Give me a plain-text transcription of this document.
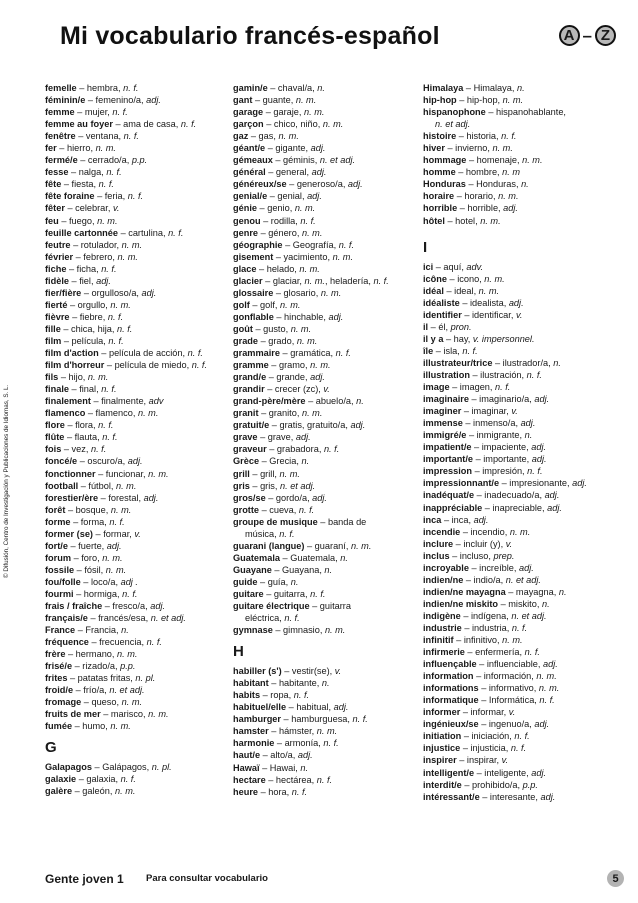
Mi vocabulario francés-español	A – Z
© Difusión, Centro de Investigación y Publicaciones de Idiomas, S. L.
femelle – hembra, n. f.
féminin/e – femenino/a, adj.
femme – mujer, n. f.
femme au foyer – ama de casa, n. f.
fenêtre – ventana, n. f.
fer – hierro, n. m.
fermé/e – cerrado/a, p.p.
fesse – nalga, n. f.
fête – fiesta, n. f.
fête foraine – feria, n. f.
fêter – celebrar, v.
feu – fuego, n. m.
feuille cartonnée – cartulina, n. f.
feutre – rotulador, n. m.
février – febrero, n. m.
fiche – ficha, n. f.
fidèle – fiel, adj.
fier/fière – orgulloso/a, adj.
fierté – orgullo, n. m.
fièvre – fiebre, n. f.
fille – chica, hija, n. f.
film – película, n. f.
film d'action – película de acción, n. f.
film d'horreur – película de miedo, n. f.
fils – hijo, n. m.
finale – final, n. f.
finalement – finalmente, adv
flamenco – flamenco, n. m.
flore – flora, n. f.
flûte – flauta, n. f.
fois – vez, n. f.
foncé/e – oscuro/a, adj.
fonctionner – funcionar, n. m.
football – fútbol, n. m.
forestier/ère – forestal, adj.
forêt – bosque, n. m.
forme – forma, n. f.
former (se) – formar, v.
fort/e – fuerte, adj.
forum – foro, n. m.
fossile – fósil, n. m.
fou/folle – loco/a, adj .
fourmi – hormiga, n. f.
frais / fraîche – fresco/a, adj.
français/e – francés/esa, n. et adj.
France – Francia, n.
fréquence – frecuencia, n. f.
frère – hermano, n. m.
frisé/e – rizado/a, p.p.
frites – patatas fritas, n. pl.
froid/e – frío/a, n. et adj.
fromage – queso, n. m.
fruits de mer – marisco, n. m.
fumée – humo, n. m.
G
Galapagos – Galápagos, n. pl.
galaxie – galaxia, n. f.
galère – galeón, n. m.
gamin/e – chaval/a, n.
gant – guante, n. m.
garage – garaje, n. m.
garçon – chico, niño, n. m.
gaz – gas, n. m.
géant/e – gigante, adj.
gémeaux – géminis, n. et adj.
général – general, adj.
généreux/se – generoso/a, adj.
genial/e – genial, adj.
génie – genio, n. m.
genou – rodilla, n. f.
genre – género, n. m.
géographie – Geografía, n. f.
gisement – yacimiento, n. m.
glace – helado, n. m.
glacier – glaciar, n. m., heladería, n. f.
glossaire – glosario, n. m.
golf – golf, n. m.
gonflable – hinchable, adj.
goût – gusto, n. m.
grade – grado, n. m.
grammaire – gramática, n. f.
gramme – gramo, n. m.
grand/e – grande, adj.
grandir – crecer (zc), v.
grand-père/mère – abuelo/a, n.
granit – granito, n. m.
gratuit/e – gratis, gratuito/a, adj.
grave – grave, adj.
graveur – grabadora, n. f.
Grèce – Grecia, n.
grill – grill, n. m.
gris – gris, n. et adj.
gros/se – gordo/a, adj.
grotte – cueva, n. f.
groupe de musique – banda de
música, n. f.
guarani (langue) – guaraní, n. m.
Guatemala – Guatemala, n.
Guayane – Guayana, n.
guide – guía, n.
guitare – guitarra, n. f.
guitare électrique – guitarra
eléctrica, n. f.
gymnase – gimnasio, n. m.
H
habiller (s') – vestir(se), v.
habitant – habitante, n.
habits – ropa, n. f.
habituel/elle – habitual, adj.
hamburger – hamburguesa, n. f.
hamster – hámster, n. m.
harmonie – armonía, n. f.
haut/e – alto/a, adj.
Hawaï – Hawai, n.
hectare – hectárea, n. f.
heure – hora, n. f.
Himalaya – Himalaya, n.
hip-hop – hip-hop, n. m.
hispanophone – hispanohablante,
n. et adj.
histoire – historia, n. f.
hiver – invierno, n. m.
hommage – homenaje, n. m.
homme – hombre, n. m
Honduras – Honduras, n.
horaire – horario, n. m.
horrible – horrible, adj.
hôtel – hotel, n. m.
I
ici – aquí, adv.
icône – icono, n. m.
idéal – ideal, n. m.
idéaliste – idealista, adj.
identifier – identificar, v.
il – él, pron.
il y a – hay, v. impersonnel.
île – isla, n. f.
illustrateur/trice – ilustrador/a, n.
illustration – ilustración, n. f.
image – imagen, n. f.
imaginaire – imaginario/a, adj.
imaginer – imaginar, v.
immense – inmenso/a, adj.
immigré/e – inmigrante, n.
impatient/e – impaciente, adj.
important/e – importante, adj.
impression – impresión, n. f.
impressionnant/e – impresionante, adj.
inadéquat/e – inadecuado/a, adj.
inappréciable – inapreciable, adj.
inca – inca, adj.
incendie – incendio, n. m.
inclure – incluir (y), v.
inclus – incluso, prep.
incroyable – increíble, adj.
indien/ne – indio/a, n. et adj.
indien/ne mayagna – mayagna, n.
indien/ne miskito – miskito, n.
indigène – indígena, n. et adj.
industrie – industria, n. f.
infinitif – infinitivo, n. m.
infirmerie – enfermería, n. f.
influençable – influenciable, adj.
information – información, n. m.
informations – informativo, n. m.
informatique – Informática, n. f.
informer – informar, v.
ingénieux/se – ingenuo/a, adj.
initiation – iniciación, n. f.
injustice – injusticia, n. f.
inspirer – inspirar, v.
intelligent/e – inteligente, adj.
interdit/e – prohibido/a, p.p.
intéressant/e – interesante, adj.
Gente joven 1 Para consultar vocabulario	5
